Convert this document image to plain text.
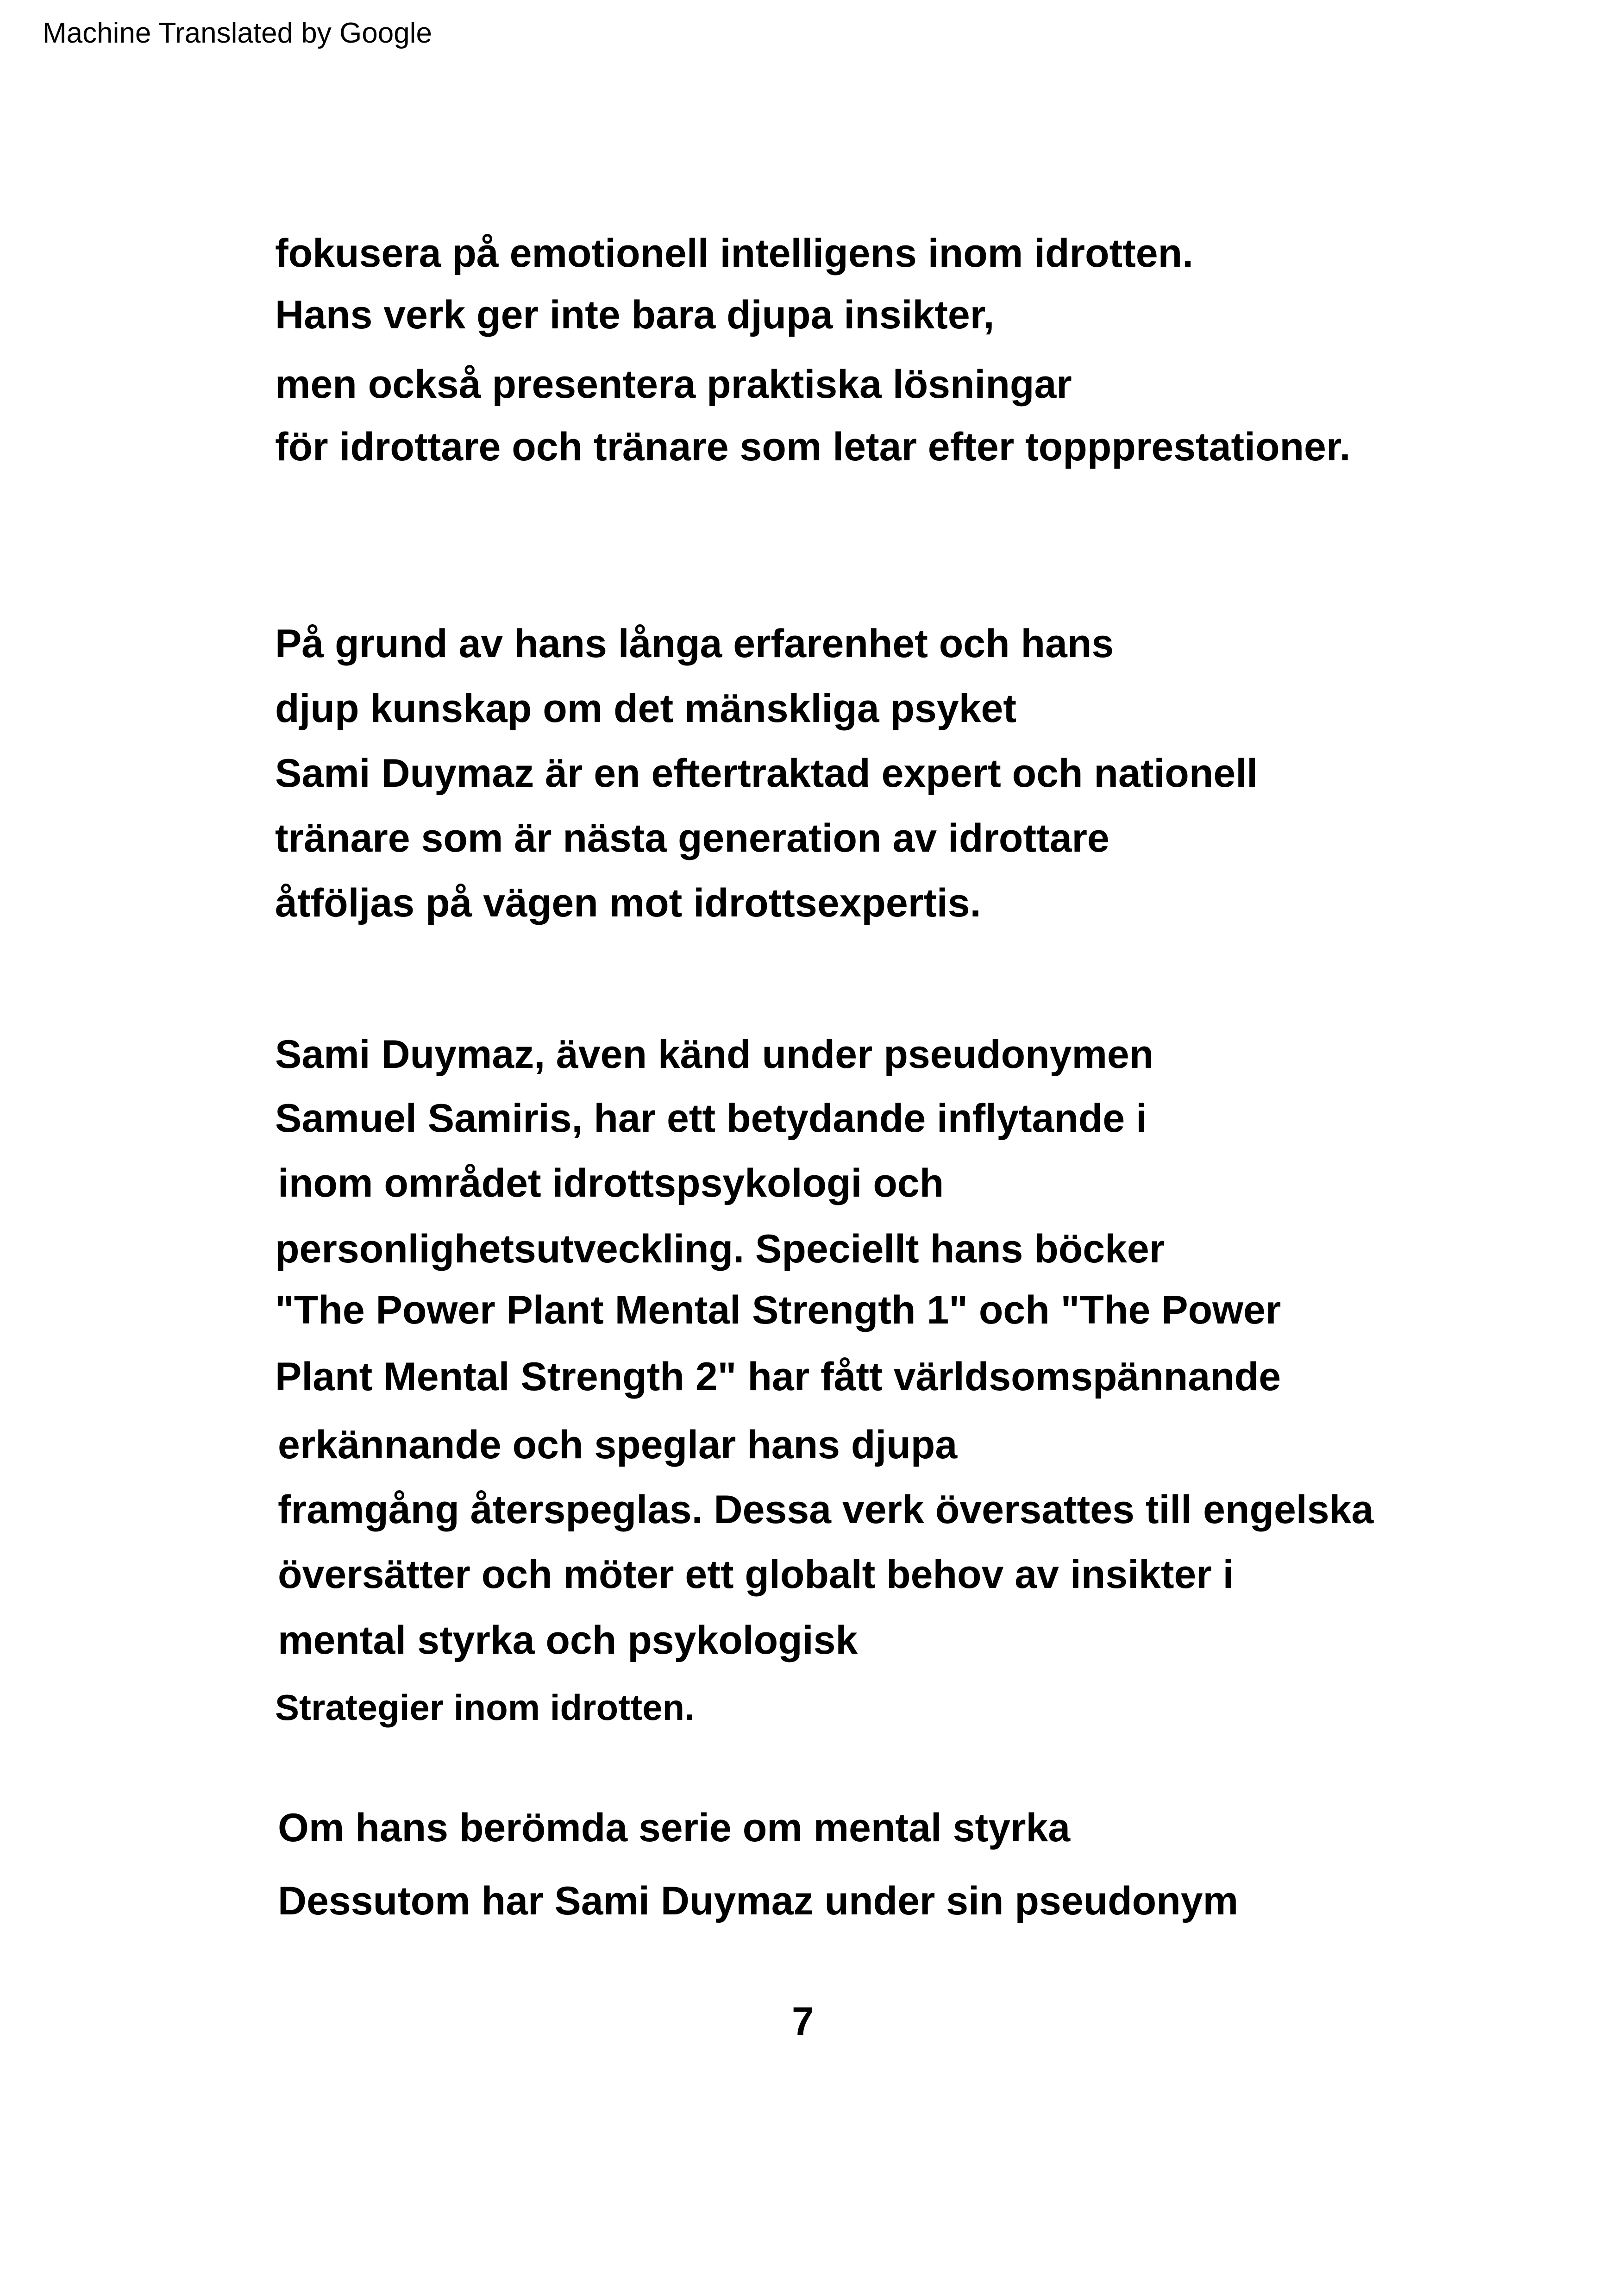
Machine Translated by Google
fokusera på emotionell intelligens inom idrotten.
Hans verk ger inte bara djupa insikter,
men också presentera praktiska lösningar
för idrottare och tränare som letar efter toppprestationer.
På grund av hans långa erfarenhet och hans
djup kunskap om det mänskliga psyket
Sami Duymaz är en eftertraktad expert och nationell
tränare som är nästa generation av idrottare
åtföljas på vägen mot idrottsexpertis.
Sami Duymaz, även känd under pseudonymen
Samuel Samiris, har ett betydande inflytande i
inom området idrottspsykologi och
personlighetsutveckling. Speciellt hans böcker
"The Power Plant Mental Strength 1" och "The Power
Plant Mental Strength 2" har fått världsomspännande
erkännande och speglar hans djupa
framgång återspeglas. Dessa verk översattes till engelska
översätter och möter ett globalt behov av insikter i
mental styrka och psykologisk
Strategier inom idrotten.
Om hans berömda serie om mental styrka
Dessutom har Sami Duymaz under sin pseudonym
7
